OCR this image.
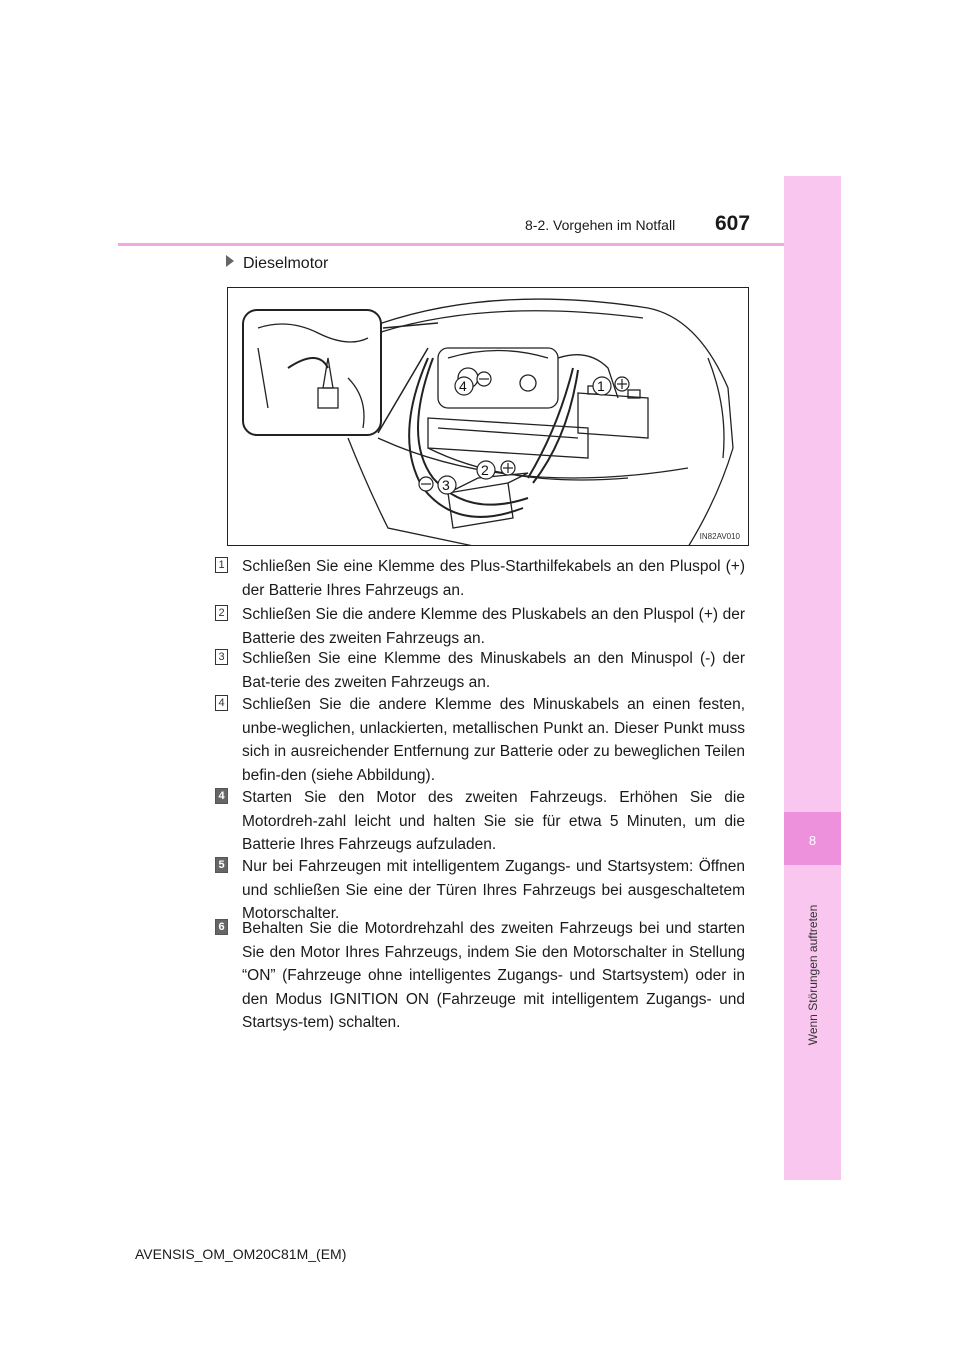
8-2. Vorgehen im Notfall 607
8
Wenn Störungen auftreten
Dieselmotor
4	1
2
3
IN82AV010
1 Schließen Sie eine Klemme des Plus-Starthilfekabels an den Pluspol (+) der Batterie Ihres Fahrzeugs an.
2 Schließen Sie die andere Klemme des Pluskabels an den Pluspol (+) der Batterie des zweiten Fahrzeugs an.
3 Schließen Sie eine Klemme des Minuskabels an den Minuspol (-) der Bat-terie des zweiten Fahrzeugs an.
4 Schließen Sie die andere Klemme des Minuskabels an einen festen, unbe-weglichen, unlackierten, metallischen Punkt an. Dieser Punkt muss sich in ausreichender Entfernung zur Batterie oder zu beweglichen Teilen befin-den (siehe Abbildung).
4 Starten Sie den Motor des zweiten Fahrzeugs. Erhöhen Sie die Motordreh-zahl leicht und halten Sie sie für etwa 5 Minuten, um die Batterie Ihres Fahrzeugs aufzuladen.
5 Nur bei Fahrzeugen mit intelligentem Zugangs- und Startsystem: Öffnen und schließen Sie eine der Türen Ihres Fahrzeugs bei ausgeschaltetem Motorschalter.
6 Behalten Sie die Motordrehzahl des zweiten Fahrzeugs bei und starten Sie den Motor Ihres Fahrzeugs, indem Sie den Motorschalter in Stellung “ON” (Fahrzeuge ohne intelligentes Zugangs- und Startsystem) oder in den Modus IGNITION ON (Fahrzeuge mit intelligentem Zugangs- und Startsys-tem) schalten.
AVENSIS_OM_OM20C81M_(EM)
